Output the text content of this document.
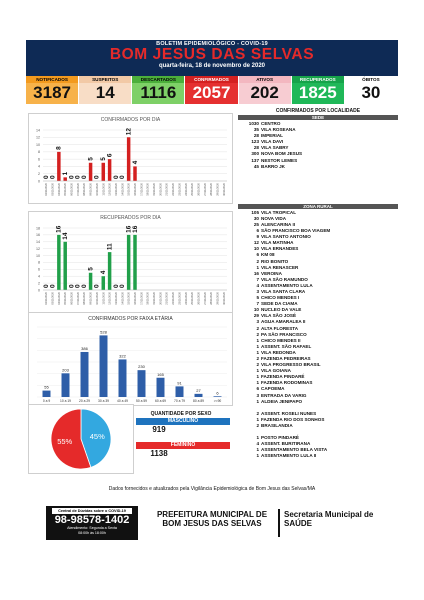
BOLETIM EPIDEMIOLÓGICO - COVID-19
BOM JESUS DAS SELVAS
quarta-feira, 18 de novembro de 2020
NOTIFICADOS
3187
SUSPEITOS
14
DESCARTADOS
1116
CONFIRMADOS
2057
ATIVOS
202
RECUPERADOS
1825
ÓBITOS
30
CONFIRMADOS POR DIA
0
2
4
6
8
10
12
14
02/11/2020
0
03/11/2020
0
04/11/2020
8
05/11/2020
1
06/11/2020
0
07/11/2020
0
08/11/2020
0
09/11/2020
5
10/11/2020
0
11/11/2020
5
12/11/2020
6
13/11/2020
0
14/11/2020
0
15/11/2020
12
16/11/2020
4
17/11/2020	18/11/2020	19/11/2020	20/11/2020	21/11/2020	22/11/2020	23/11/2020	24/11/2020	25/11/2020	26/11/2020	27/11/2020	28/11/2020	29/11/2020	30/11/2020
RECUPERADOS POR DIA
0
2
4
6
8
10
12
14
16
18
02/11/2020
0
03/11/2020
0
04/11/2020
16
05/11/2020
14
06/11/2020
0
07/11/2020
0
08/11/2020
0
09/11/2020
5
10/11/2020
0
11/11/2020
4
12/11/2020
11
13/11/2020
0
14/11/2020
0
15/11/2020
16
16/11/2020
16
17/11/2020	18/11/2020	19/11/2020	20/11/2020	21/11/2020	22/11/2020	23/11/2020	24/11/2020	25/11/2020	26/11/2020	27/11/2020	28/11/2020	29/11/2020	30/11/2020
CONFIRMADOS POR FAIXA ETÁRIA
55
0 a 9
203
10 a 19
386
20 a 29
528
30 a 39
322
40 a 49
230
50 a 59
165
60 a 69
91
70 a 79
27
80 a 89
6
>=90
45%
55%
QUANTIDADE POR SEXO
MASCULINO
919
FEMININO
1138
CONFIRMADOS POR LOCALIDADE
SEDE
1030 CENTRO
35 VILA ROSEANA
28 IMPERIAL
123 VILA DAVI
28 VILA SABRY
300 NOVA BOM JESUS
137 NESTOR LEMES
45 BARRO JK
ZONA RURAL
105 VILA TROPICAL
30 NOVA VIDA
25 ALENCARINA II
6 SÃO FRANCISCO BOA VIAGEM
9 VILA SANTO ANTONIO
12 VILA MATINHA
10 VILA ERNANDES
6 KM 08
2 RIO BONITO
1 VILA RENASCER
16 VEROINA
7 VILA SÃO RAMUNDO
4 ASSENTAMENTO LULA
3 VILA SANTA CLARA
5 CHICO MENDES I
7 SEDE DA CIAMA
10 NUCLEO DA VALE
29 VILA SÃO JOSÉ
3 AGUA AMARALEA II
2 ALTA FLORESTA
2 PA SÃO FRANCISCO
1 CHICO MENDES II
1 ASSENT. SÃO RAFAEL
1 VILA REDONDA
2 FAZENDA PEDREIRAS
2 VILA PROGRESSO BRASIL
1 VILA GOIANA
1 FAZENDA PINDARÉ
1 FAZENDA RODOMINAS
6 CAPOEMA
3 ENTRADA DA VARIG
1 ALDEIA JENIPAPO
2 ASSENT. ROSELI NUNES
1 FAZENDA RIO DOS SONHOS
2 BRASILANDIA
1 POSTO PINDARÉ
4 ASSENT. BURITIRANA
1 ASSENTAMENTO BELA VISTA
1 ASSENTAMENTO LULA II
Dados fornecidos e atualizados pela Vigilância Epidemiológica de Bom Jesus das Selvas/MA
Central de Dúvidas sobre o COVID-19
98-98578-1402
Atendimento: Segunda a Sexta
08:00h às 18:00h
PREFEITURA MUNICIPAL DE
BOM JESUS DAS SELVAS
Secretaria Municipal de
SAÚDE
